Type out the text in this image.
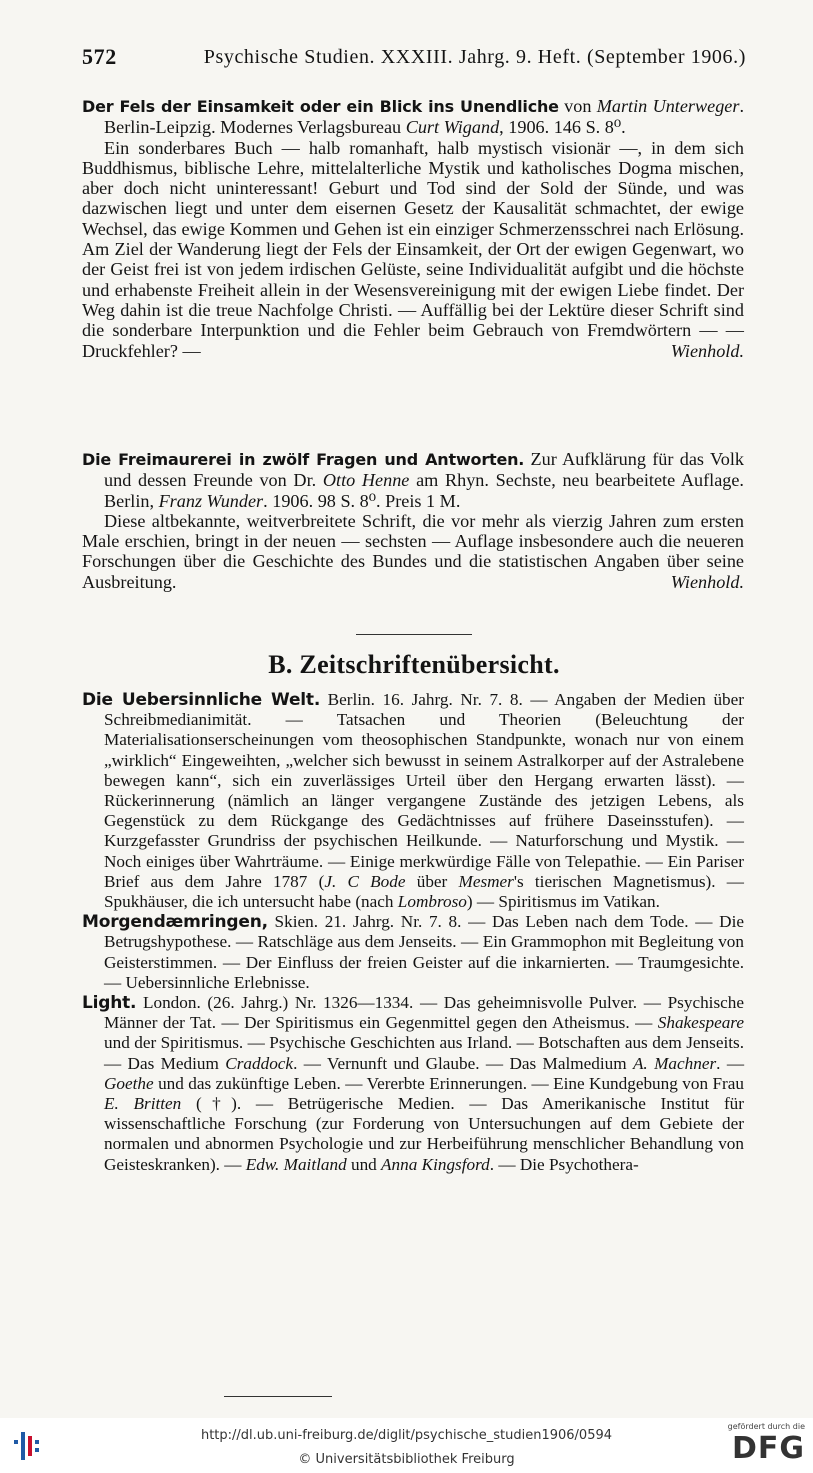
572	Psychische Studien. XXXIII. Jahrg. 9. Heft. (September 1906.)

Der Fels der Einsamkeit oder ein Blick ins Unendliche von Martin Unterweger. Berlin-Leipzig. Modernes Verlagsbureau Curt Wigand, 1906. 146 S. 8⁰.

Ein sonderbares Buch — halb romanhaft, halb mystisch visionär —, in dem sich Buddhismus, biblische Lehre, mittelalterliche Mystik und katholisches Dogma mischen, aber doch nicht uninteressant! Geburt und Tod sind der Sold der Sünde, und was dazwischen liegt und unter dem eisernen Gesetz der Kausalität schmachtet, der ewige Wechsel, das ewige Kommen und Gehen ist ein einziger Schmerzensschrei nach Erlösung. Am Ziel der Wanderung liegt der Fels der Einsamkeit, der Ort der ewigen Gegenwart, wo der Geist frei ist von jedem irdischen Gelüste, seine Individualität aufgibt und die höchste und erhabenste Freiheit allein in der Wesensvereinigung mit der ewigen Liebe findet. Der Weg dahin ist die treue Nachfolge Christi. — Auffällig bei der Lektüre dieser Schrift sind die sonderbare Interpunktion und die Fehler beim Gebrauch von Fremdwörtern — — Druckfehler? —	Wienhold.

Die Freimaurerei in zwölf Fragen und Antworten. Zur Aufklärung für das Volk und dessen Freunde von Dr. Otto Henne am Rhyn. Sechste, neu bearbeitete Auflage. Berlin, Franz Wunder. 1906. 98 S. 8⁰. Preis 1 M.

Diese altbekannte, weitverbreitete Schrift, die vor mehr als vierzig Jahren zum ersten Male erschien, bringt in der neuen — sechsten — Auflage insbesondere auch die neueren Forschungen über die Geschichte des Bundes und die statistischen Angaben über seine Ausbreitung.	Wienhold.

B. Zeitschriftenübersicht.

Die Uebersinnliche Welt. Berlin. 16. Jahrg. Nr. 7. 8. — Angaben der Medien über Schreibmedianimität. — Tatsachen und Theorien (Beleuchtung der Materialisationserscheinungen vom theosophischen Standpunkte, wonach nur von einem „wirklich“ Eingeweihten, „welcher sich bewusst in seinem Astralkorper auf der Astralebene bewegen kann“, sich ein zuverlässiges Urteil über den Hergang erwarten lässt). — Rückerinnerung (nämlich an länger vergangene Zustände des jetzigen Lebens, als Gegenstück zu dem Rückgange des Gedächtnisses auf frühere Daseinsstufen). — Kurzgefasster Grundriss der psychischen Heilkunde. — Naturforschung und Mystik. — Noch einiges über Wahrträume. — Einige merkwürdige Fälle von Telepathie. — Ein Pariser Brief aus dem Jahre 1787 (J. C Bode über Mesmer's tierischen Magnetismus). — Spukhäuser, die ich untersucht habe (nach Lombroso) — Spiritismus im Vatikan.

Morgendæmringen, Skien. 21. Jahrg. Nr. 7. 8. — Das Leben nach dem Tode. — Die Betrugshypothese. — Ratschläge aus dem Jenseits. — Ein Grammophon mit Begleitung von Geisterstimmen. — Der Einfluss der freien Geister auf die inkarnierten. — Traumgesichte. — Uebersinnliche Erlebnisse.

Light. London. (26. Jahrg.) Nr. 1326—1334. — Das geheimnisvolle Pulver. — Psychische Männer der Tat. — Der Spiritismus ein Gegenmittel gegen den Atheismus. — Shakespeare und der Spiritismus. — Psychische Geschichten aus Irland. — Botschaften aus dem Jenseits. — Das Medium Craddock. — Vernunft und Glaube. — Das Malmedium A. Machner. — Goethe und das zukünftige Leben. — Vererbte Erinnerungen. — Eine Kundgebung von Frau E. Britten (†). — Betrügerische Medien. — Das Amerikanische Institut für wissenschaftliche Forschung (zur Forderung von Untersuchungen auf dem Gebiete der normalen und abnormen Psychologie und zur Herbeiführung menschlicher Behandlung von Geisteskranken). — Edw. Maitland und Anna Kingsford. — Die Psychothera-

http://dl.ub.uni-freiburg.de/diglit/psychische_studien1906/0594
© Universitätsbibliothek Freiburg
gefördert durch die
DFG
